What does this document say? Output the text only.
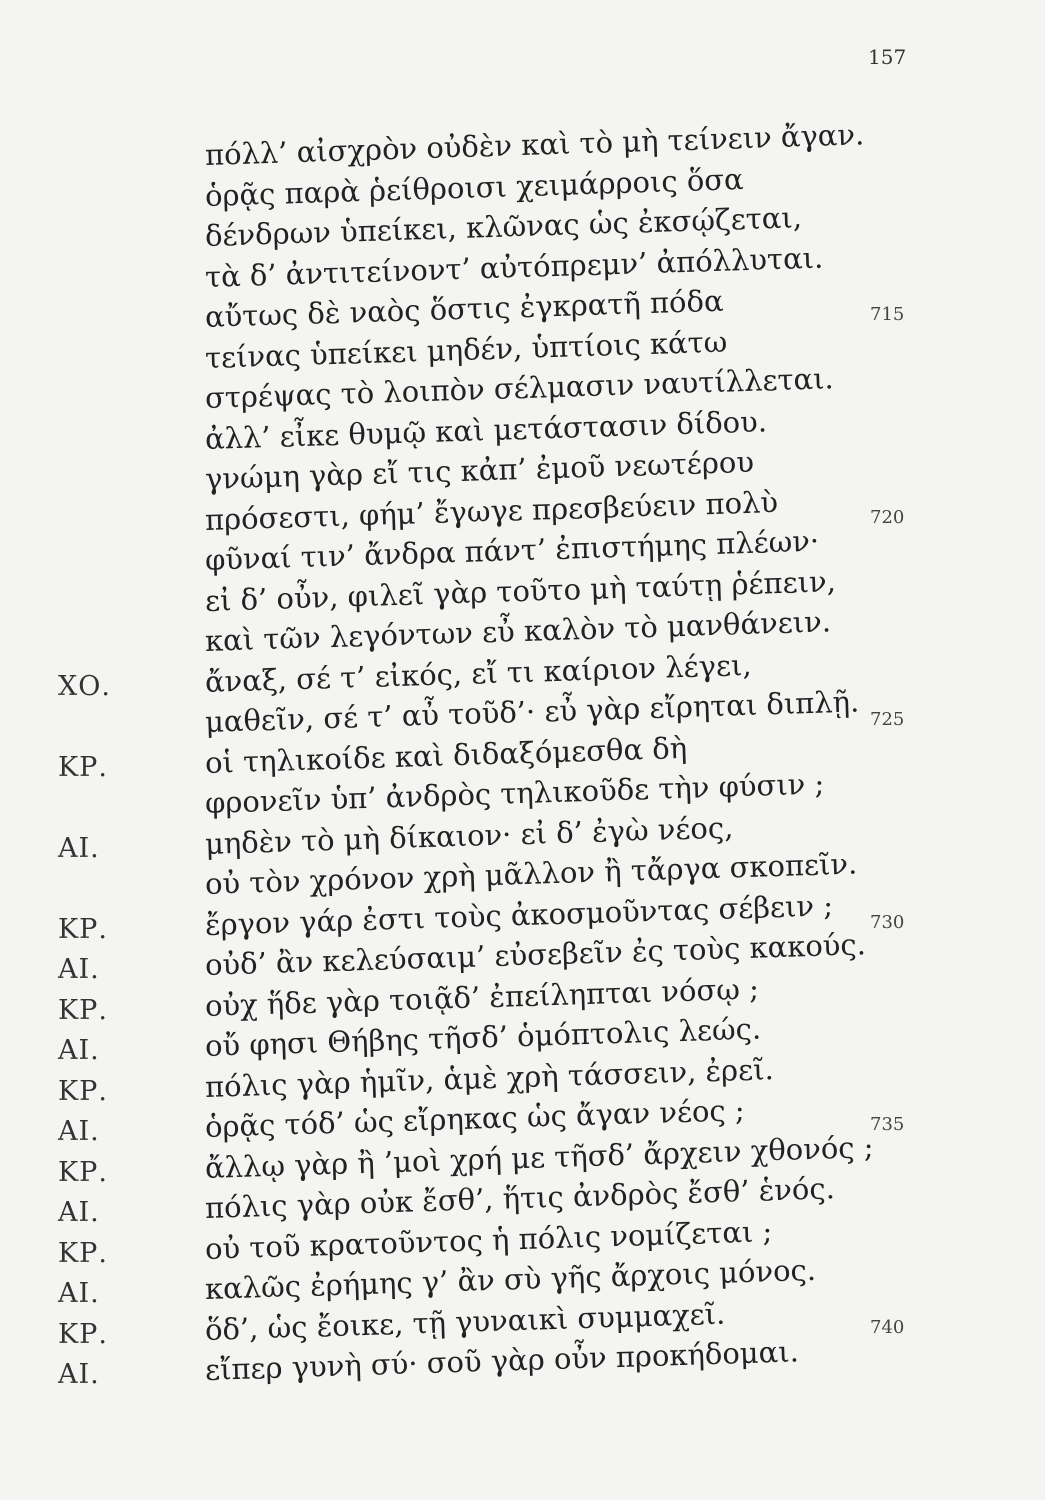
157
πόλλ’ αἰσχρὸν οὐδὲν καὶ τὸ μὴ τείνειν ἄγαν.
ὁρᾷς παρὰ ῥείθροισι χειμάρροις ὅσα
δένδρων ὑπείκει, κλῶνας ὡς ἐκσῴζεται,
τὰ δ’ ἀντιτείνοντ’ αὐτόπρεμν’ ἀπόλλυται.
αὔτως δὲ ναὸς ὅστις ἐγκρατῆ πόδα	715
τείνας ὑπείκει μηδέν, ὑπτίοις κάτω
στρέψας τὸ λοιπὸν σέλμασιν ναυτίλλεται.
ἀλλ’ εἶκε θυμῷ καὶ μετάστασιν δίδου.
γνώμη γὰρ εἴ τις κἀπ’ ἐμοῦ νεωτέρου
πρόσεστι, φήμ’ ἔγωγε πρεσβεύειν πολὺ	720
φῦναί τιν’ ἄνδρα πάντ’ ἐπιστήμης πλέων·
εἰ δ’ οὖν, φιλεῖ γὰρ τοῦτο μὴ ταύτῃ ῥέπειν,
καὶ τῶν λεγόντων εὖ καλὸν τὸ μανθάνειν.
ΧΟ.	ἄναξ, σέ τ’ εἰκός, εἴ τι καίριον λέγει,
μαθεῖν, σέ τ’ αὖ τοῦδ’· εὖ γὰρ εἴρηται διπλῇ. 725
ΚΡ.	οἱ τηλικοίδε καὶ διδαξόμεσθα δὴ
φρονεῖν ὑπ’ ἀνδρὸς τηλικοῦδε τὴν φύσιν ;
ΑΙ.	μηδὲν τὸ μὴ δίκαιον· εἰ δ’ ἐγὼ νέος,
οὐ τὸν χρόνον χρὴ μᾶλλον ἢ τἄργα σκοπεῖν.
ΚΡ.	ἔργον γάρ ἐστι τοὺς ἀκοσμοῦντας σέβειν ; 730
ΑΙ.	οὐδ’ ἂν κελεύσαιμ’ εὐσεβεῖν ἐς τοὺς κακούς.
ΚΡ.	οὐχ ἥδε γὰρ τοιᾷδ’ ἐπείληπται νόσῳ ;
ΑΙ.	οὔ φησι Θήβης τῆσδ’ ὁμόπτολις λεώς.
ΚΡ.	πόλις γὰρ ἡμῖν, ἁμὲ χρὴ τάσσειν, ἐρεῖ.
ΑΙ.	ὁρᾷς τόδ’ ὡς εἴρηκας ὡς ἄγαν νέος ;	735
ΚΡ.	ἄλλῳ γὰρ ἢ ’μοὶ χρή με τῆσδ’ ἄρχειν χθονός ;
ΑΙ.	πόλις γὰρ οὐκ ἔσθ’, ἥτις ἀνδρὸς ἔσθ’ ἑνός.
ΚΡ.	οὐ τοῦ κρατοῦντος ἡ πόλις νομίζεται ;
ΑΙ.	καλῶς ἐρήμης γ’ ἂν σὺ γῆς ἄρχοις μόνος.
ΚΡ.	ὅδ’, ὡς ἔοικε, τῇ γυναικὶ συμμαχεῖ.	740
ΑΙ.	εἴπερ γυνὴ σύ· σοῦ γὰρ οὖν προκήδομαι.
